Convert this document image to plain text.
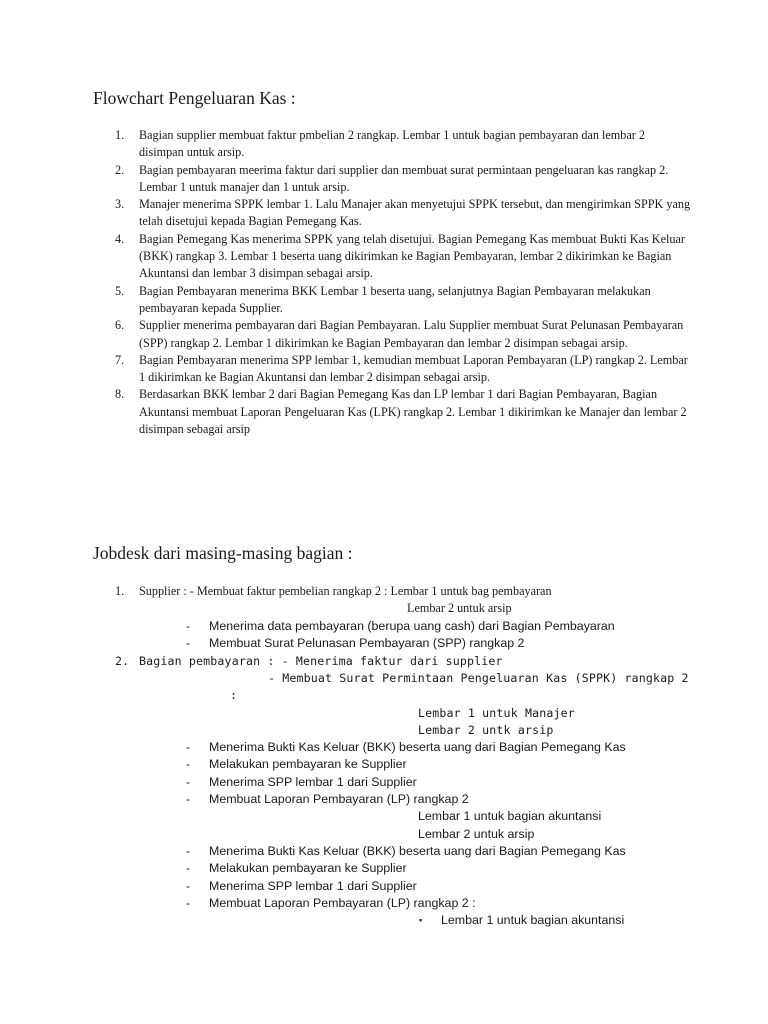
Flowchart Pengeluaran Kas :
1.	Bagian supplier membuat faktur pmbelian 2 rangkap. Lembar 1 untuk bagian pembayaran dan lembar 2 disimpan untuk arsip.
2.	Bagian pembayaran meerima faktur dari supplier dan membuat surat permintaan pengeluaran kas rangkap 2. Lembar 1 untuk manajer dan 1 untuk arsip.
3.	Manajer menerima SPPK lembar 1. Lalu Manajer akan menyetujui SPPK tersebut, dan mengirimkan SPPK yang telah disetujui kepada Bagian Pemegang Kas.
4.	Bagian Pemegang Kas menerima SPPK yang telah disetujui. Bagian Pemegang Kas membuat Bukti Kas Keluar (BKK) rangkap 3. Lembar 1 beserta uang dikirimkan ke Bagian Pembayaran, lembar 2 dikirimkan ke Bagian Akuntansi dan lembar 3 disimpan sebagai arsip.
5.	Bagian Pembayaran menerima BKK Lembar 1 beserta uang, selanjutnya Bagian Pembayaran melakukan pembayaran kepada Supplier.
6.	Supplier menerima pembayaran dari Bagian Pembayaran. Lalu Supplier membuat Surat Pelunasan Pembayaran (SPP) rangkap 2. Lembar 1 dikirimkan ke Bagian Pembayaran dan lembar 2 disimpan sebagai arsip.
7.	Bagian Pembayaran menerima SPP lembar 1, kemudian membuat Laporan Pembayaran (LP) rangkap 2. Lembar 1 dikirimkan ke Bagian Akuntansi dan lembar 2 disimpan sebagai arsip.
8.	Berdasarkan BKK lembar 2 dari Bagian Pemegang Kas dan LP lembar 1 dari Bagian Pembayaran, Bagian Akuntansi membuat Laporan Pengeluaran Kas (LPK) rangkap 2. Lembar 1 dikirimkan ke Manajer dan lembar 2 disimpan sebagai arsip
Jobdesk dari masing-masing bagian :
1. Supplier : - Membuat faktur pembelian rangkap 2 : Lembar 1 untuk bag pembayaran
Lembar 2 untuk arsip
- Menerima data pembayaran (berupa uang cash) dari Bagian Pembayaran
- Membuat Surat Pelunasan Pembayaran (SPP) rangkap 2
2. Bagian pembayaran : - Menerima faktur dari supplier
- Membuat Surat Permintaan Pengeluaran Kas (SPPK) rangkap 2
:
Lembar 1 untuk Manajer
Lembar 2 untk arsip
- Menerima Bukti Kas Keluar (BKK) beserta uang dari Bagian Pemegang Kas
- Melakukan pembayaran ke Supplier
- Menerima SPP lembar 1 dari Supplier
- Membuat Laporan Pembayaran (LP) rangkap 2
Lembar 1 untuk bagian akuntansi
Lembar 2 untuk arsip
- Menerima Bukti Kas Keluar (BKK) beserta uang dari Bagian Pemegang Kas
- Melakukan pembayaran ke Supplier
- Menerima SPP lembar 1 dari Supplier
- Membuat Laporan Pembayaran (LP) rangkap 2 :
▪ Lembar 1 untuk bagian akuntansi
